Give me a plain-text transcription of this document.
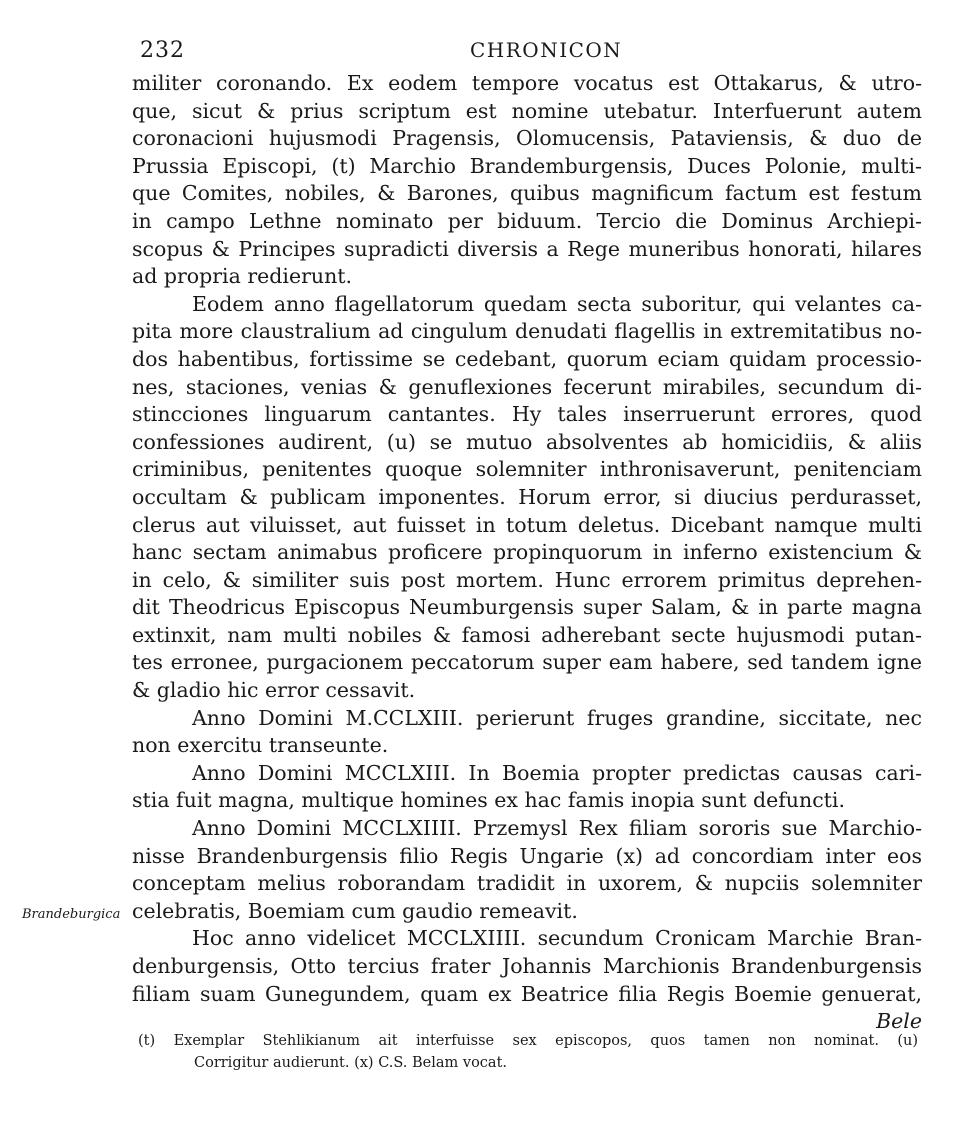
232	CHRONICON
Brandeburgica
militer coronando. Ex eodem tempore vocatus est Ottakarus, & utro-
que, sicut & prius scriptum est nomine utebatur. Interfuerunt autem
coronacioni hujusmodi Pragensis, Olomucensis, Pataviensis, & duo de
Prussia Episcopi, (t) Marchio Brandemburgensis, Duces Polonie, multi-
que Comites, nobiles, & Barones, quibus magnificum factum est festum
in campo Lethne nominato per biduum. Tercio die Dominus Archiepi-
scopus & Principes supradicti diversis a Rege muneribus honorati, hilares
ad propria redierunt.
Eodem anno flagellatorum quedam secta suboritur, qui velantes ca-
pita more claustralium ad cingulum denudati flagellis in extremitatibus no-
dos habentibus, fortissime se cedebant, quorum eciam quidam processio-
nes, staciones, venias & genuflexiones fecerunt mirabiles, secundum di-
stincciones linguarum cantantes. Hy tales inserruerunt errores, quod
confessiones audirent, (u) se mutuo absolventes ab homicidiis, & aliis
criminibus, penitentes quoque solemniter inthronisaverunt, penitenciam
occultam & publicam imponentes. Horum error, si diucius perdurasset,
clerus aut viluisset, aut fuisset in totum deletus. Dicebant namque multi
hanc sectam animabus proficere propinquorum in inferno existencium &
in celo, & similiter suis post mortem. Hunc errorem primitus deprehen-
dit Theodricus Episcopus Neumburgensis super Salam, & in parte magna
extinxit, nam multi nobiles & famosi adherebant secte hujusmodi putan-
tes erronee, purgacionem peccatorum super eam habere, sed tandem igne
& gladio hic error cessavit.
Anno Domini M.CCLXIII. perierunt fruges grandine, siccitate, nec
non exercitu transeunte.
Anno Domini MCCLXIII. In Boemia propter predictas causas cari-
stia fuit magna, multique homines ex hac famis inopia sunt defuncti.
Anno Domini MCCLXIIII. Przemysl Rex filiam sororis sue Marchio-
nisse Brandenburgensis filio Regis Ungarie (x) ad concordiam inter eos
conceptam melius roborandam tradidit in uxorem, & nupciis solemniter
celebratis, Boemiam cum gaudio remeavit.
Hoc anno videlicet MCCLXIIII. secundum Cronicam Marchie Bran-
denburgensis, Otto tercius frater Johannis Marchionis Brandenburgensis
filiam suam Gunegundem, quam ex Beatrice filia Regis Boemie genuerat,
Bele
(t) Exemplar Stehlikianum ait interfuisse sex episcopos, quos tamen non nominat. (u)
Corrigitur audierunt. (x) C.S. Belam vocat.
